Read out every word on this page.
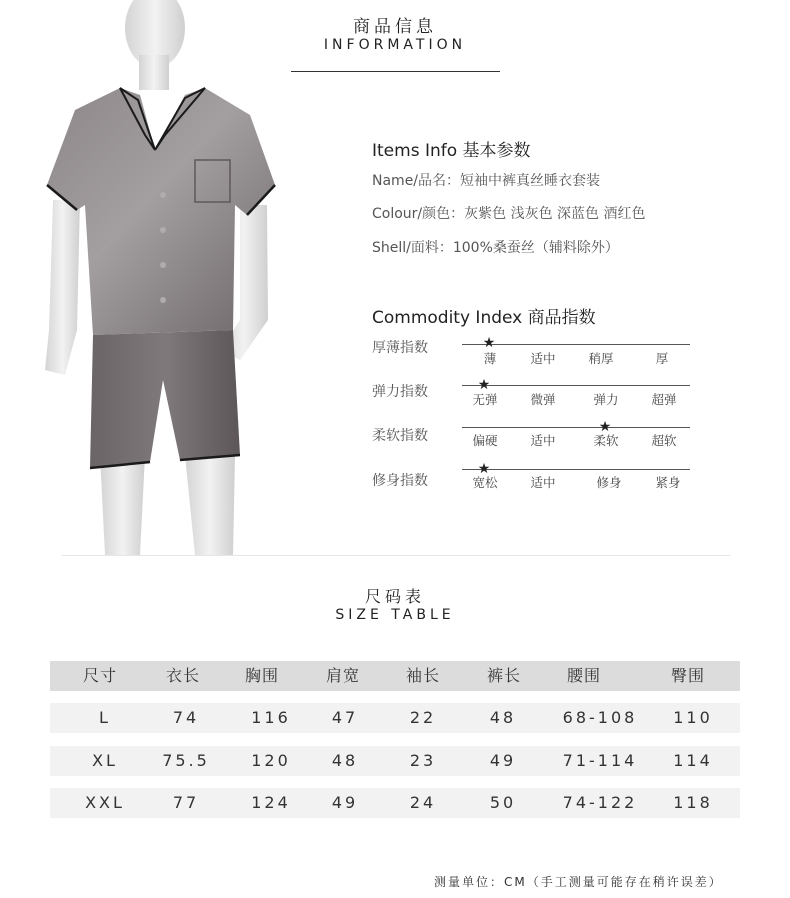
商品信息
INFORMATION
Items Info 基本参数
Name/品名：短袖中裤真丝睡衣套装
Colour/颜色：灰紫色 浅灰色 深蓝色 酒红色
Shell/面料：100%桑蚕丝（辅料除外）
Commodity Index 商品指数
厚薄指数
薄	适中	稍厚	厚
★
弹力指数	无弹	微弹	弹力	超弹
★
柔软指数	偏硬	适中	柔软	超软
★
修身指数	宽松	适中	修身	紧身
★
尺码表
SIZE TABLE
尺寸	衣长	胸围	肩宽	袖长	裤长	腰围	臀围
L	74	116	47	22	48	68-108	110
XL	75.5	120	48	23	49	71-114	114
XXL	77	124	49	24	50	74-122	118
测量单位：CM（手工测量可能存在稍许误差）
